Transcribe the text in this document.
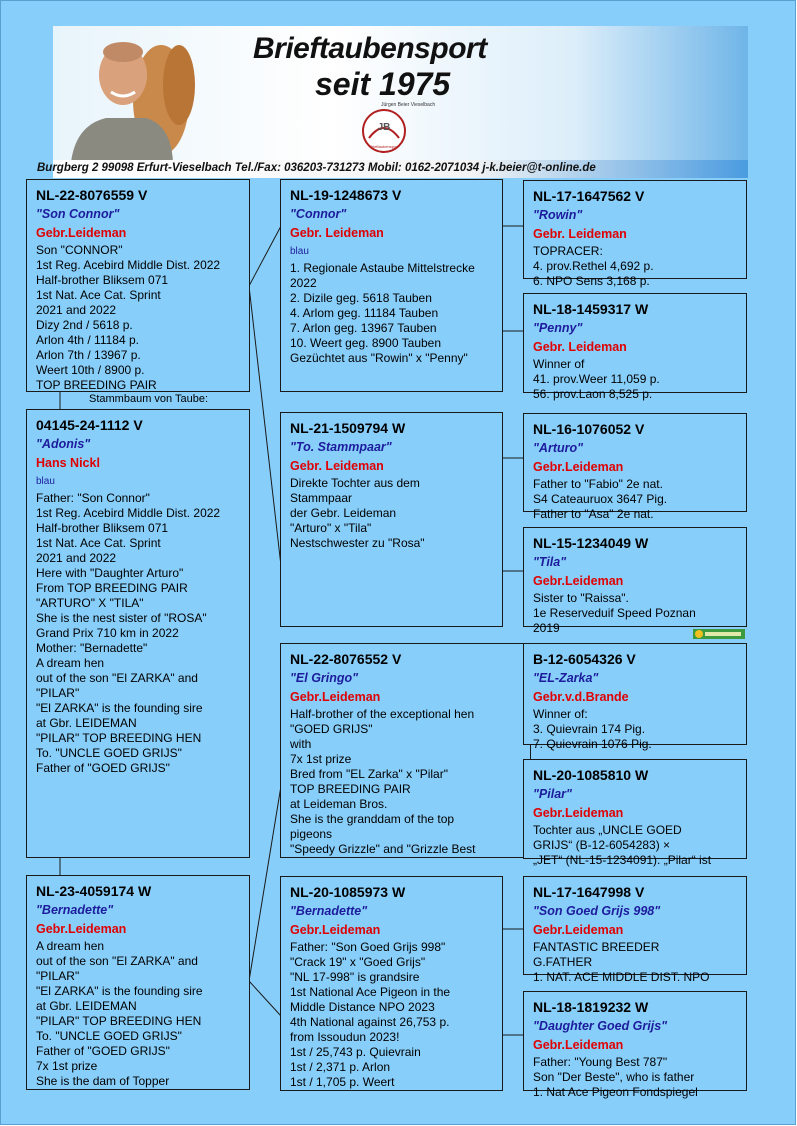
Brieftaubensport
seit 1975
Jürgen Beier Vieselbach
JB
Brieftaubensport
Burgberg 2 99098 Erfurt-Vieselbach Tel./Fax: 036203-731273 Mobil: 0162-2071034 j-k.beier@t-online.de
Stammbaum von Taube:
NL-22-8076559 V
"Son Connor"
Gebr.Leideman
Son "CONNOR"
1st Reg. Acebird Middle Dist. 2022
Half-brother Bliksem 071
1st Nat. Ace Cat. Sprint
2021 and 2022
Dizy 2nd / 5618 p.
Arlon 4th / 11184 p.
Arlon 7th / 13967 p.
Weert 10th / 8900 p.
TOP BREEDING PAIR
04145-24-1112 V
"Adonis"
Hans Nickl
blau
Father: "Son Connor"
1st Reg. Acebird Middle Dist. 2022
Half-brother Bliksem 071
1st Nat. Ace Cat. Sprint
2021 and 2022
Here with "Daughter Arturo"
From TOP BREEDING PAIR
"ARTURO" X "TILA"
She is the nest sister of "ROSA"
Grand Prix 710 km in 2022
Mother: "Bernadette"
A dream hen
out of the son "El ZARKA" and
"PILAR"
"El ZARKA" is the founding sire
at Gbr. LEIDEMAN
"PILAR" TOP BREEDING HEN
To. "UNCLE GOED GRIJS"
Father of "GOED GRIJS"
NL-23-4059174 W
"Bernadette"
Gebr.Leideman
A dream hen
out of the son "El ZARKA" and
"PILAR"
"El ZARKA" is the founding sire
at Gbr. LEIDEMAN
"PILAR" TOP BREEDING HEN
To. "UNCLE GOED GRIJS"
Father of "GOED GRIJS"
7x 1st prize
She is the dam of Topper
NL-19-1248673 V
"Connor"
Gebr. Leideman
blau
1. Regionale Astaube Mittelstrecke
2022
2. Dizile geg. 5618 Tauben
4. Arlom geg. 11184 Tauben
7. Arlon geg. 13967 Tauben
10. Weert geg. 8900 Tauben
Gezüchtet aus "Rowin" x "Penny"
NL-21-1509794 W
"To. Stammpaar"
Gebr. Leideman
Direkte Tochter aus dem
Stammpaar
der Gebr. Leideman
"Arturo" x "Tila"
Nestschwester zu "Rosa"
NL-22-8076552 V
"El Gringo"
Gebr.Leideman
Half-brother of the exceptional hen
"GOED GRIJS"
with
7x 1st prize
Bred from "EL Zarka" x "Pilar"
TOP BREEDING PAIR
at Leideman Bros.
She is the granddam of the top
pigeons
"Speedy Grizzle" and "Grizzle Best
NL-20-1085973 W
"Bernadette"
Gebr.Leideman
Father: "Son Goed Grijs 998"
"Crack 19" x "Goed Grijs"
"NL 17-998" is grandsire
1st National Ace Pigeon in the
Middle Distance NPO 2023
4th National against 26,753 p.
from Issoudun 2023!
1st / 25,743 p. Quievrain
1st / 2,371 p. Arlon
1st / 1,705 p. Weert
NL-17-1647562 V
"Rowin"
Gebr. Leideman
TOPRACER:
4. prov.Rethel 4,692 p.
6. NPO Sens 3,168 p.
NL-18-1459317 W
"Penny"
Gebr. Leideman
Winner of
41. prov.Weer 11,059 p.
56. prov.Laon 8,525 p.
NL-16-1076052 V
"Arturo"
Gebr.Leideman
Father to "Fabio" 2e nat.
S4 Cateauruox 3647 Pig.
Father to "Asa" 2e nat.
NL-15-1234049 W
"Tila"
Gebr.Leideman
Sister to "Raissa".
1e Reserveduif Speed Poznan
2019
B-12-6054326 V
"EL-Zarka"
Gebr.v.d.Brande
Winner of:
3. Quievrain 174 Pig.
7. Quievrain 1076 Pig.
NL-20-1085810 W
"Pilar"
Gebr.Leideman
Tochter aus „UNCLE GOED
GRIJS“ (B-12-6054283) ×
„JET“ (NL-15-1234091). „Pilar“ ist
NL-17-1647998 V
"Son Goed Grijs 998"
Gebr.Leideman
FANTASTIC BREEDER
G.FATHER
1. NAT. ACE MIDDLE DIST. NPO
NL-18-1819232 W
"Daughter Goed Grijs"
Gebr.Leideman
Father: "Young Best 787"
Son "Der Beste", who is father
1. Nat Ace Pigeon Fondspiegel
